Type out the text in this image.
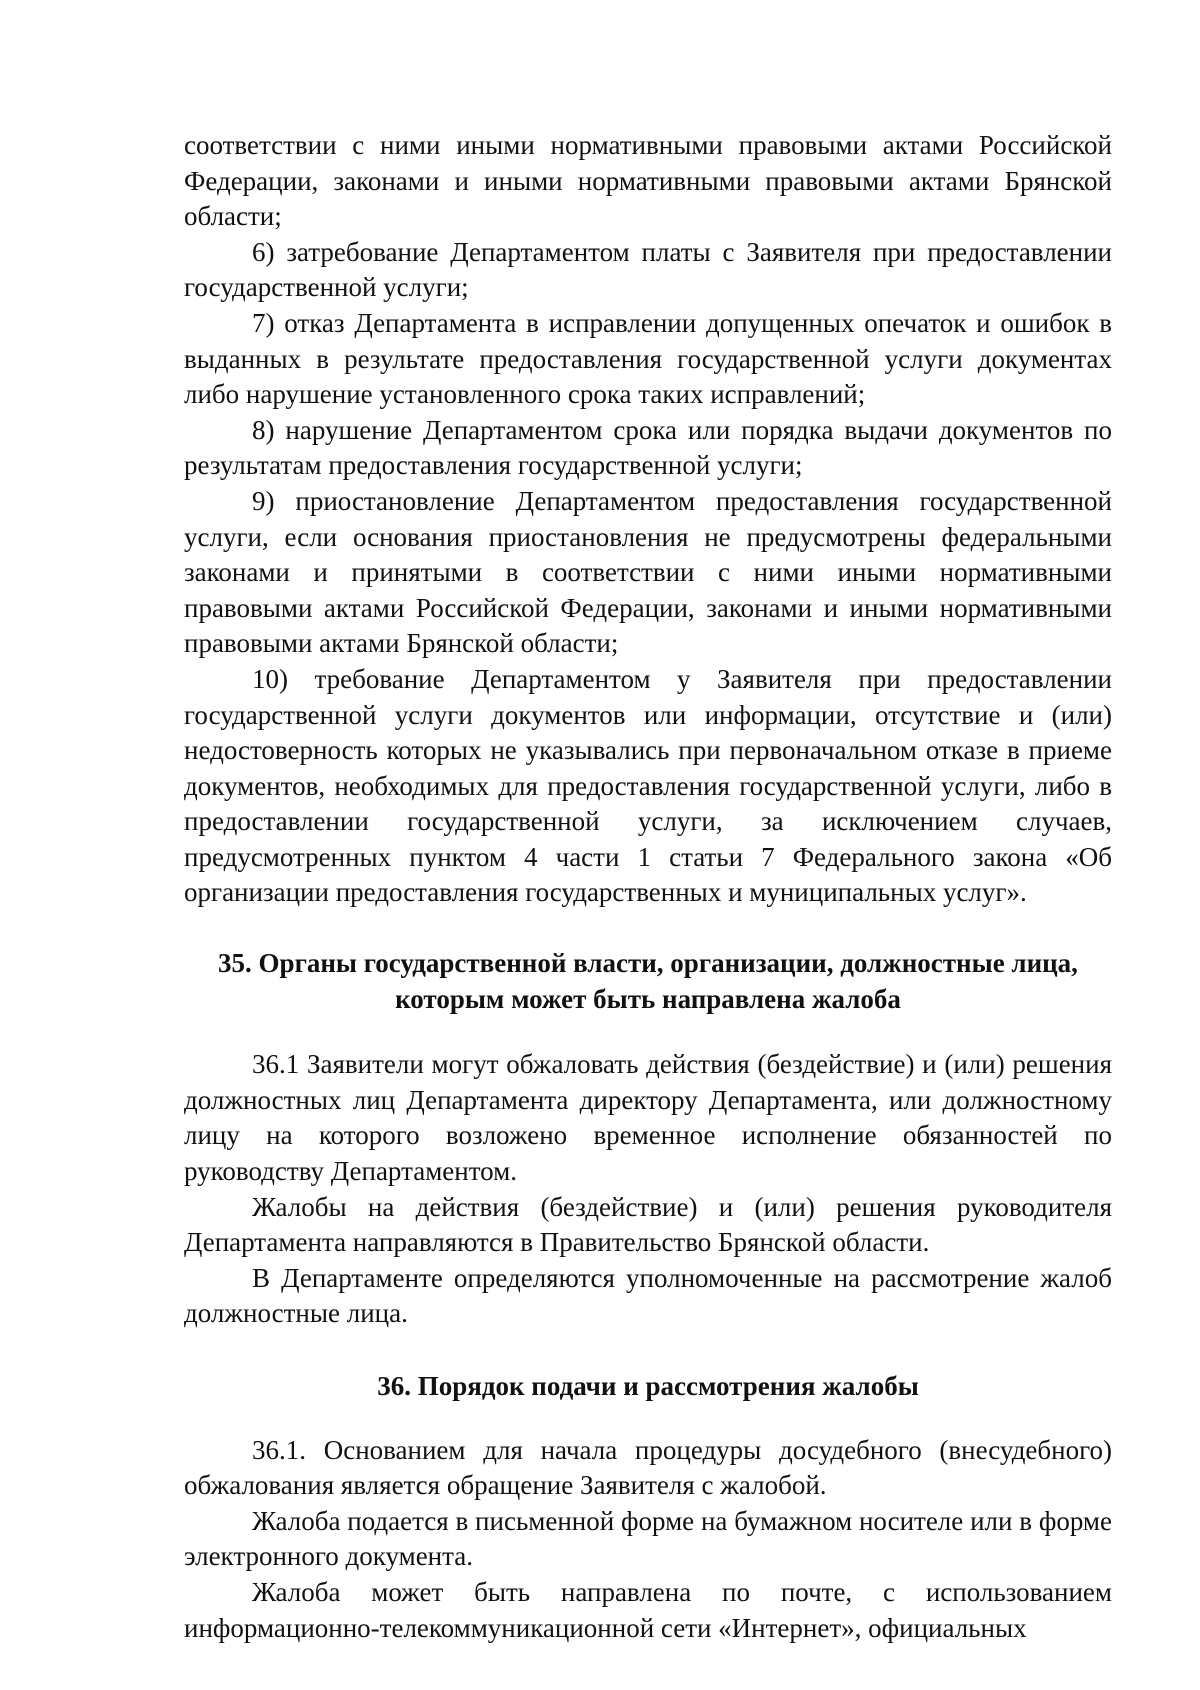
соответствии с ними иными нормативными правовыми актами Российской Федерации, законами и иными нормативными правовыми актами Брянской области;

6) затребование Департаментом платы с Заявителя при предоставлении государственной услуги;

7) отказ Департамента в исправлении допущенных опечаток и ошибок в выданных в результате предоставления государственной услуги документах либо нарушение установленного срока таких исправлений;

8) нарушение Департаментом срока или порядка выдачи документов по результатам предоставления государственной услуги;

9) приостановление Департаментом предоставления государственной услуги, если основания приостановления не предусмотрены федеральными законами и принятыми в соответствии с ними иными нормативными правовыми актами Российской Федерации, законами и иными нормативными правовыми актами Брянской области;

10) требование Департаментом у Заявителя при предоставлении государственной услуги документов или информации, отсутствие и (или) недостоверность которых не указывались при первоначальном отказе в приеме документов, необходимых для предоставления государственной услуги, либо в предоставлении государственной услуги, за исключением случаев, предусмотренных пунктом 4 части 1 статьи 7 Федерального закона «Об организации предоставления государственных и муниципальных услуг».

35. Органы государственной власти, организации, должностные лица,
которым может быть направлена жалоба

36.1 Заявители могут обжаловать действия (бездействие) и (или) решения должностных лиц Департамента директору Департамента, или должностному лицу на которого возложено временное исполнение обязанностей по руководству Департаментом.

Жалобы на действия (бездействие) и (или) решения руководителя Департамента направляются в Правительство Брянской области.

В Департаменте определяются уполномоченные на рассмотрение жалоб должностные лица.

36. Порядок подачи и рассмотрения жалобы

36.1. Основанием для начала процедуры досудебного (внесудебного) обжалования является обращение Заявителя с жалобой.

Жалоба подается в письменной форме на бумажном носителе или в форме электронного документа.

Жалоба может быть направлена по почте, с использованием информационно-телекоммуникационной сети «Интернет», официальных
